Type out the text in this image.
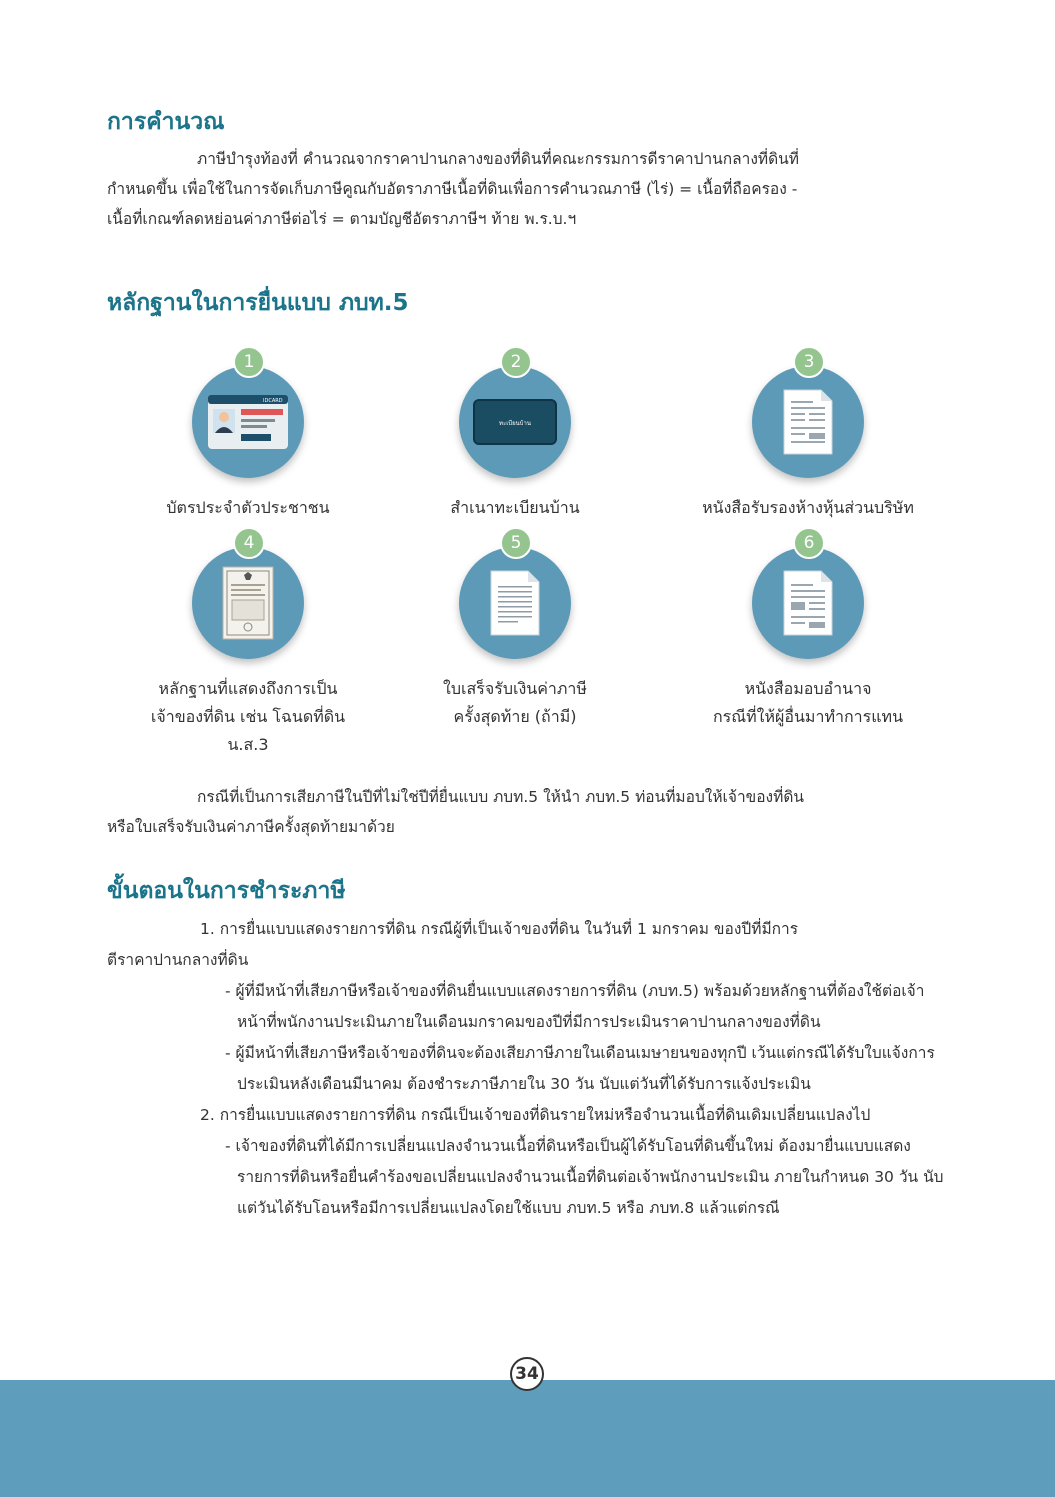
การคำนวณ
ภาษีบำรุงท้องที่ คำนวณจากราคาปานกลางของที่ดินที่คณะกรรมการดีราคาปานกลางที่ดินที่
กำหนดขึ้น เพื่อใช้ในการจัดเก็บภาษีคูณกับอัตราภาษีเนื้อที่ดินเพื่อการคำนวณภาษี (ไร่) = เนื้อที่ถือครอง -
เนื้อที่เกณฑ์ลดหย่อนค่าภาษีต่อไร่ = ตามบัญชีอัตราภาษีฯ ท้าย พ.ร.บ.ฯ
หลักฐานในการยื่นแบบ ภบท.5
1
IDCARD
บัตรประจำตัวประชาชน
2
ทะเบียนบ้าน
สำเนาทะเบียนบ้าน
3
หนังสือรับรองห้างหุ้นส่วนบริษัท
4
หลักฐานที่แสดงถึงการเป็น
เจ้าของที่ดิน เช่น โฉนดที่ดิน
น.ส.3
5
ใบเสร็จรับเงินค่าภาษี
ครั้งสุดท้าย (ถ้ามี)
6
หนังสือมอบอำนาจ
กรณีที่ให้ผู้อื่นมาทำการแทน
กรณีที่เป็นการเสียภาษีในปีที่ไม่ใช่ปีที่ยื่นแบบ ภบท.5 ให้นำ ภบท.5 ท่อนที่มอบให้เจ้าของที่ดิน
หรือใบเสร็จรับเงินค่าภาษีครั้งสุดท้ายมาด้วย
ขั้นตอนในการชำระภาษี
1. การยื่นแบบแสดงรายการที่ดิน กรณีผู้ที่เป็นเจ้าของที่ดิน ในวันที่ 1 มกราคม ของปีที่มีการ
ตีราคาปานกลางที่ดิน
- ผู้ที่มีหน้าที่เสียภาษีหรือเจ้าของที่ดินยื่นแบบแสดงรายการที่ดิน (ภบท.5) พร้อมด้วยหลักฐานที่ต้องใช้ต่อเจ้าหน้าที่พนักงานประเมินภายในเดือนมกราคมของปีที่มีการประเมินราคาปานกลางของที่ดิน
- ผู้มีหน้าที่เสียภาษีหรือเจ้าของที่ดินจะต้องเสียภาษีภายในเดือนเมษายนของทุกปี เว้นแต่กรณีได้รับใบแจ้งการประเมินหลังเดือนมีนาคม ต้องชำระภาษีภายใน 30 วัน นับแต่วันที่ได้รับการแจ้งประเมิน
2. การยื่นแบบแสดงรายการที่ดิน กรณีเป็นเจ้าของที่ดินรายใหม่หรือจำนวนเนื้อที่ดินเดิมเปลี่ยนแปลงไป
- เจ้าของที่ดินที่ได้มีการเปลี่ยนแปลงจำนวนเนื้อที่ดินหรือเป็นผู้ได้รับโอนที่ดินขึ้นใหม่ ต้องมายื่นแบบแสดงรายการที่ดินหรือยื่นคำร้องขอเปลี่ยนแปลงจำนวนเนื้อที่ดินต่อเจ้าพนักงานประเมิน ภายในกำหนด 30 วัน นับแต่วันได้รับโอนหรือมีการเปลี่ยนแปลงโดยใช้แบบ ภบท.5 หรือ ภบท.8 แล้วแต่กรณี
34
